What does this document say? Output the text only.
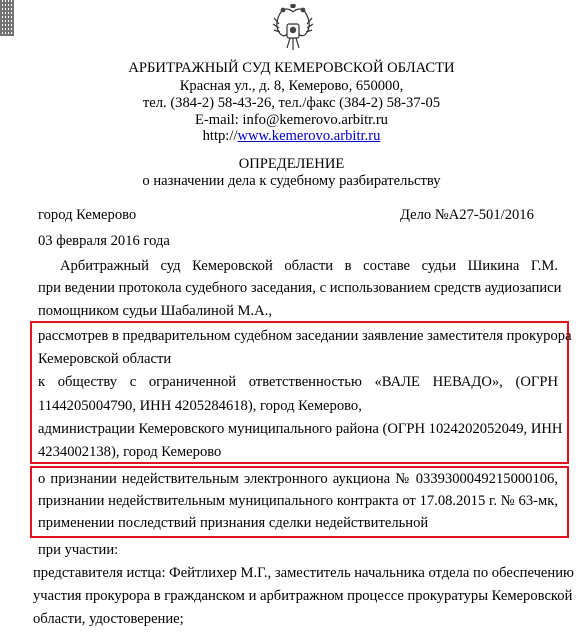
АРБИТРАЖНЫЙ СУД КЕМЕРОВСКОЙ ОБЛАСТИ
Красная ул., д. 8, Кемерово, 650000,
тел. (384-2) 58-43-26, тел./факс (384-2) 58-37-05
E-mail: info@kemerovo.arbitr.ru
http://www.kemerovo.arbitr.ru
ОПРЕДЕЛЕНИЕ
о назначении дела к судебному разбирательству
город Кемерово	Дело №А27-501/2016
03 февраля 2016 года
Арбитражный суд Кемеровской области в составе судьи Шикина Г.М.
при ведении протокола судебного заседания, с использованием средств аудиозаписи
помощником судьи Шабалиной М.А.,
рассмотрев в предварительном судебном заседании заявление заместителя прокурора
Кемеровской области
к обществу с ограниченной ответственностью «ВАЛЕ НЕВАДО», (ОГРН
1144205004790, ИНН 4205284618), город Кемерово,
администрации Кемеровского муниципального района (ОГРН 1024202052049, ИНН
4234002138), город Кемерово
о признании недействительным электронного аукциона № 0339300049215000106,
признании недействительным муниципального контракта от 17.08.2015 г. № 63-мк,
применении последствий признания сделки недействительной
при участии:
представителя истца: Фейтлихер М.Г., заместитель начальника отдела по обеспечению
участия прокурора в гражданском и арбитражном процессе прокуратуры Кемеровской
области, удостоверение;
